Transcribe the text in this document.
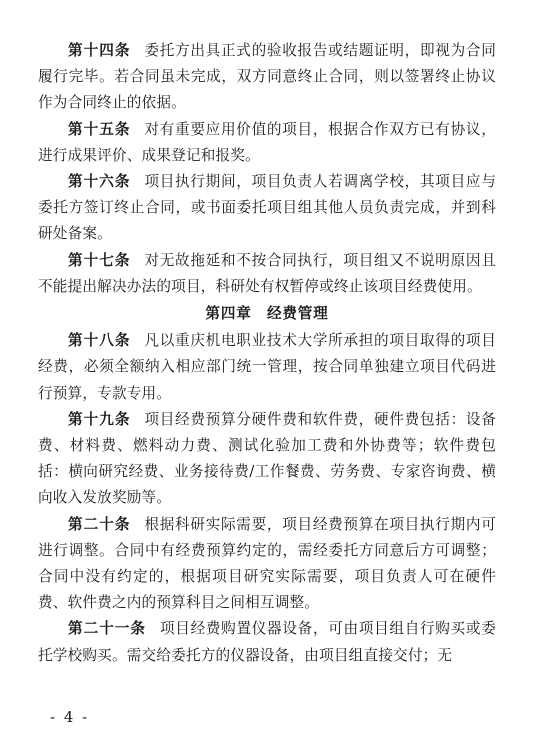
第十四条 委托方出具正式的验收报告或结题证明，即视为合同履行完毕。若合同虽未完成，双方同意终止合同，则以签署终止协议作为合同终止的依据。

第十五条 对有重要应用价值的项目，根据合作双方已有协议，进行成果评价、成果登记和报奖。

第十六条 项目执行期间，项目负责人若调离学校，其项目应与委托方签订终止合同，或书面委托项目组其他人员负责完成，并到科研处备案。

第十七条 对无故拖延和不按合同执行，项目组又不说明原因且不能提出解决办法的项目，科研处有权暂停或终止该项目经费使用。

第四章　经费管理

第十八条 凡以重庆机电职业技术大学所承担的项目取得的项目经费，必须全额纳入相应部门统一管理，按合同单独建立项目代码进行预算，专款专用。

第十九条 项目经费预算分硬件费和软件费，硬件费包括：设备费、材料费、燃料动力费、测试化验加工费和外协费等；软件费包括：横向研究经费、业务接待费/工作餐费、劳务费、专家咨询费、横向收入发放奖励等。

第二十条 根据科研实际需要，项目经费预算在项目执行期内可进行调整。合同中有经费预算约定的，需经委托方同意后方可调整；合同中没有约定的，根据项目研究实际需要，项目负责人可在硬件费、软件费之内的预算科目之间相互调整。

第二十一条 项目经费购置仪器设备，可由项目组自行购买或委托学校购买。需交给委托方的仪器设备，由项目组直接交付；无

- 4 -
